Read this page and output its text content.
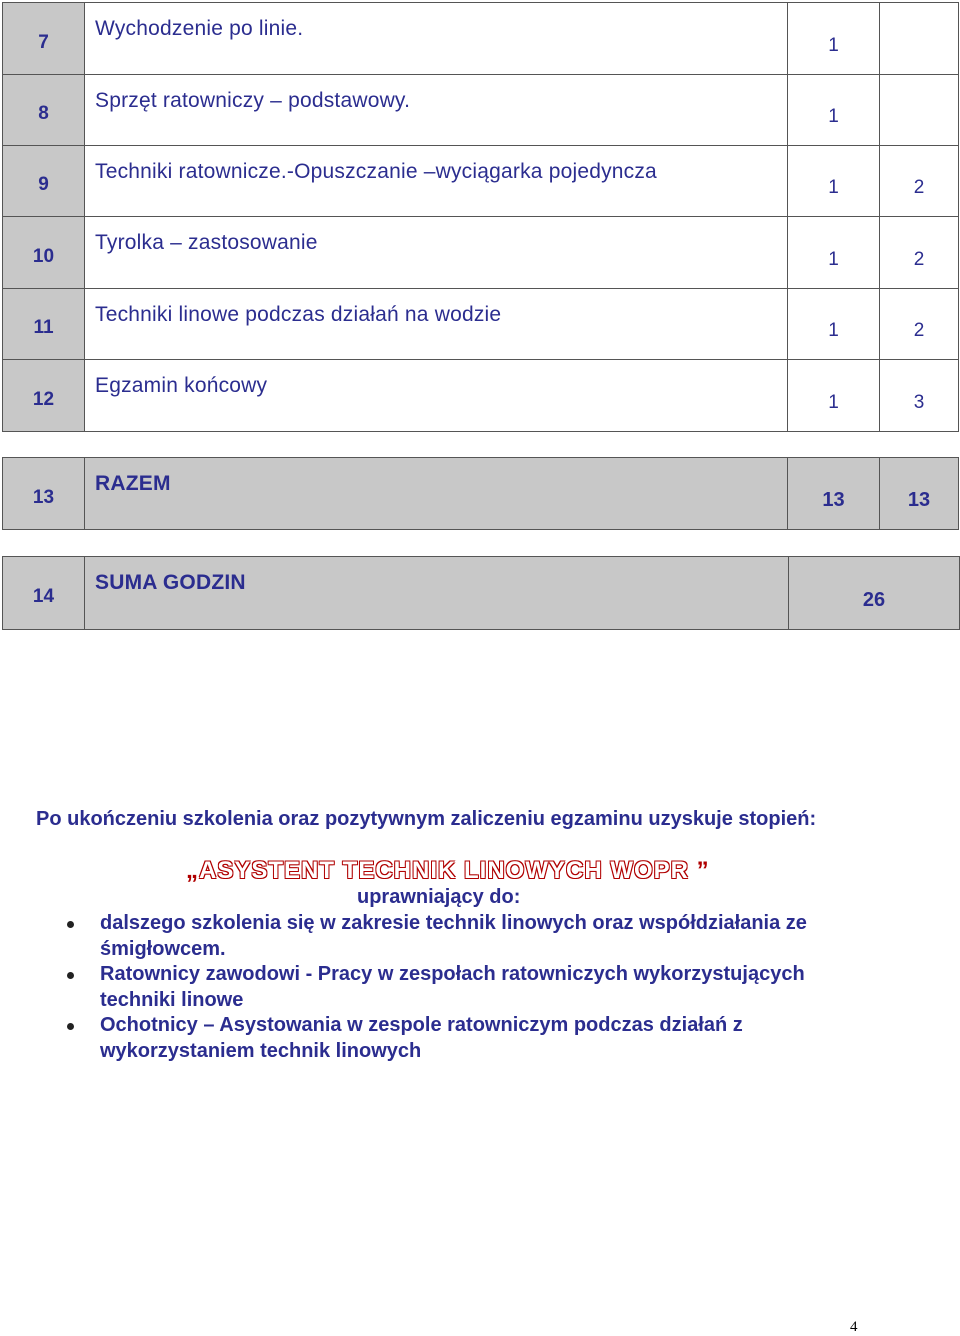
7	Wychodzenie po linie.	1	
8	Sprzęt ratowniczy – podstawowy.	1	
9	Techniki ratownicze.-Opuszczanie –wyciągarka pojedyncza	1	2
10	Tyrolka – zastosowanie	1	2
11	Techniki linowe podczas działań na wodzie	1	2
12	Egzamin końcowy	1	3
13	RAZEM	13	13
14	SUMA GODZIN	26
Po ukończeniu szkolenia oraz pozytywnym zaliczeniu egzaminu uzyskuje stopień:
„ASYSTENT TECHNIK LINOWYCH WOPR ”
uprawniający do:
dalszego szkolenia się w zakresie technik linowych oraz współdziałania ze śmigłowcem.
Ratownicy zawodowi - Pracy w zespołach ratowniczych wykorzystujących techniki linowe
Ochotnicy – Asystowania w zespole ratowniczym podczas działań z wykorzystaniem technik linowych
4
